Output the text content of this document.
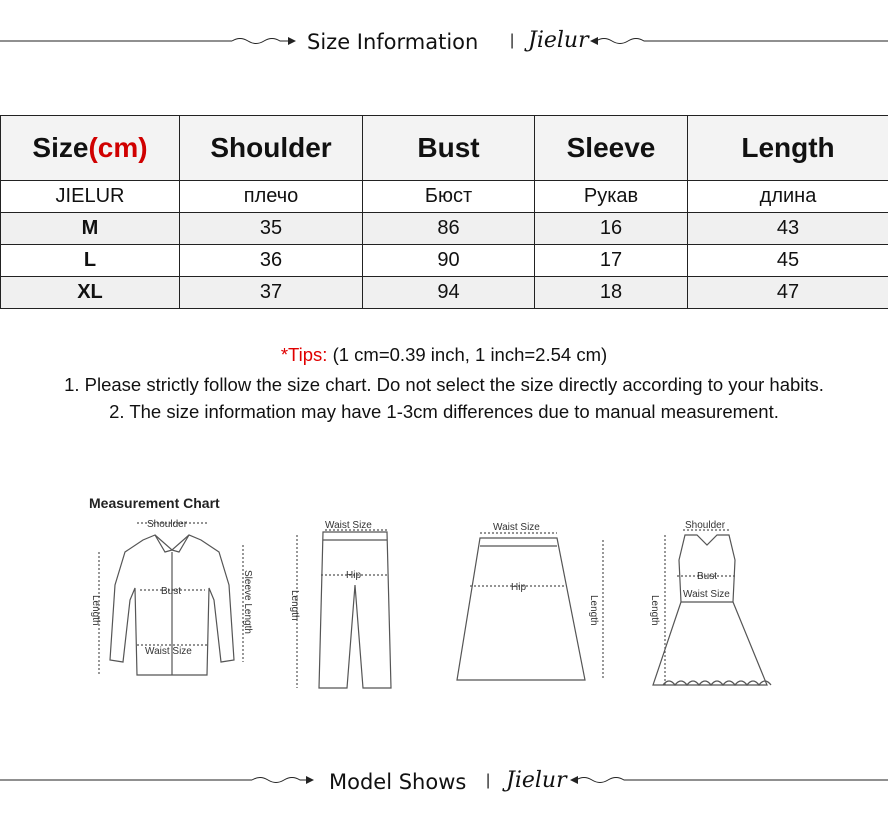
Size Information | Jielur
Size(cm)	Shoulder	Bust	Sleeve	Length
JIELUR	плечо	Бюст	Рукав	длина
M	35	86	16	43
L	36	90	17	45
XL	37	94	18	47
*Tips: (1 cm=0.39 inch, 1 inch=2.54 cm)
1. Please strictly follow the size chart. Do not select the size directly according to your habits.
2. The size information may have 1-3cm differences due to manual measurement.
Measurement Chart
Shoulder
Bust
Waist Size
Length	Sleeve Length
Waist Size
Hip
Length
Waist Size
Hip
Length
Shoulder
Bust
Waist Size
Length
Model Shows | Jielur
